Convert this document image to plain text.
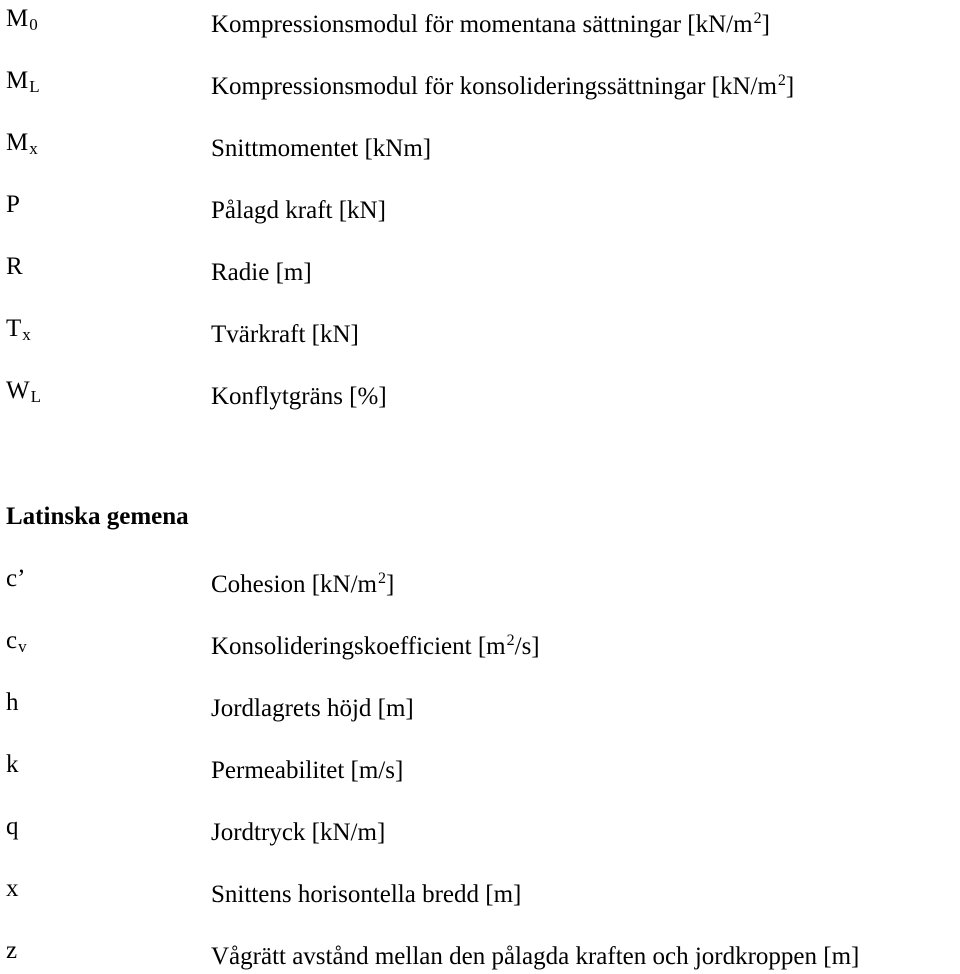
$M_0$	Kompressionsmodul för momentana sättningar $[kN/m^2]$
$M_L$	Kompressionsmodul för konsolideringssättningar $[kN/m^2]$
$M_x$	Snittmomentet [kNm]
P	Pålagd kraft [kN]
R	Radie [m]
$T_x$	Tvärkraft [kN]
$W_L$	Konflytgräns [%]
Latinska gemena
c’	Cohesion $[kN/m^2]$
$c_v$	Konsolideringskoefficient $[m^2/s]$
h	Jordlagrets höjd [m]
k	Permeabilitet [m/s]
q	Jordtryck [kN/m]
x	Snittens horisontella bredd [m]
z	Vågrätt avstånd mellan den pålagda kraften och jordkroppen [m]
